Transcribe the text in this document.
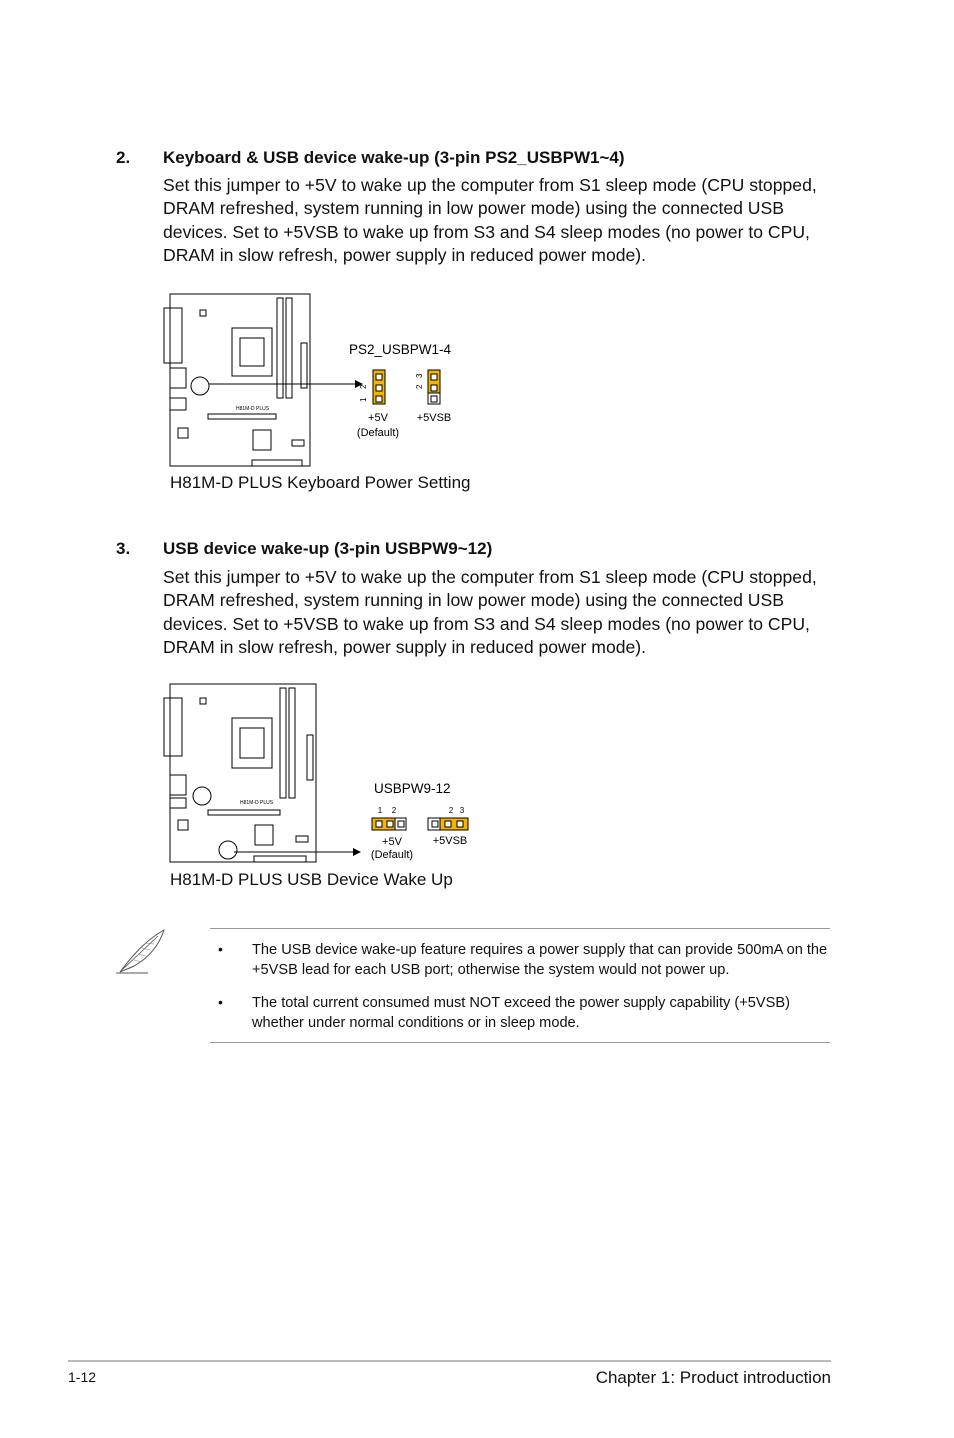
2. Keyboard & USB device wake-up (3-pin PS2_USBPW1~4)
Set this jumper to +5V to wake up the computer from S1 sleep mode (CPU stopped, DRAM refreshed, system running in low power mode) using the connected USB devices. Set to +5VSB to wake up from S3 and S4 sleep modes (no power to CPU, DRAM in slow refresh, power supply in reduced power mode).
H81M-D PLUS
PS2_USBPW1-4
2
1
3
2
+5V
(Default)
+5VSB
H81M-D PLUS Keyboard Power Setting
3. USB device wake-up (3-pin USBPW9~12)
Set this jumper to +5V to wake up the computer from S1 sleep mode (CPU stopped, DRAM refreshed, system running in low power mode) using the connected USB devices. Set to +5VSB to wake up from S3 and S4 sleep modes (no power to CPU, DRAM in slow refresh, power supply in reduced power mode).
H81M-D PLUS
USBPW9-12
1 2	2 3
+5V
(Default)
+5VSB
H81M-D PLUS USB Device Wake Up
• The USB device wake-up feature requires a power supply that can provide 500mA on the +5VSB lead for each USB port; otherwise the system would not power up.
• The total current consumed must NOT exceed the power supply capability (+5VSB) whether under normal conditions or in sleep mode.
1-12	Chapter 1: Product introduction
